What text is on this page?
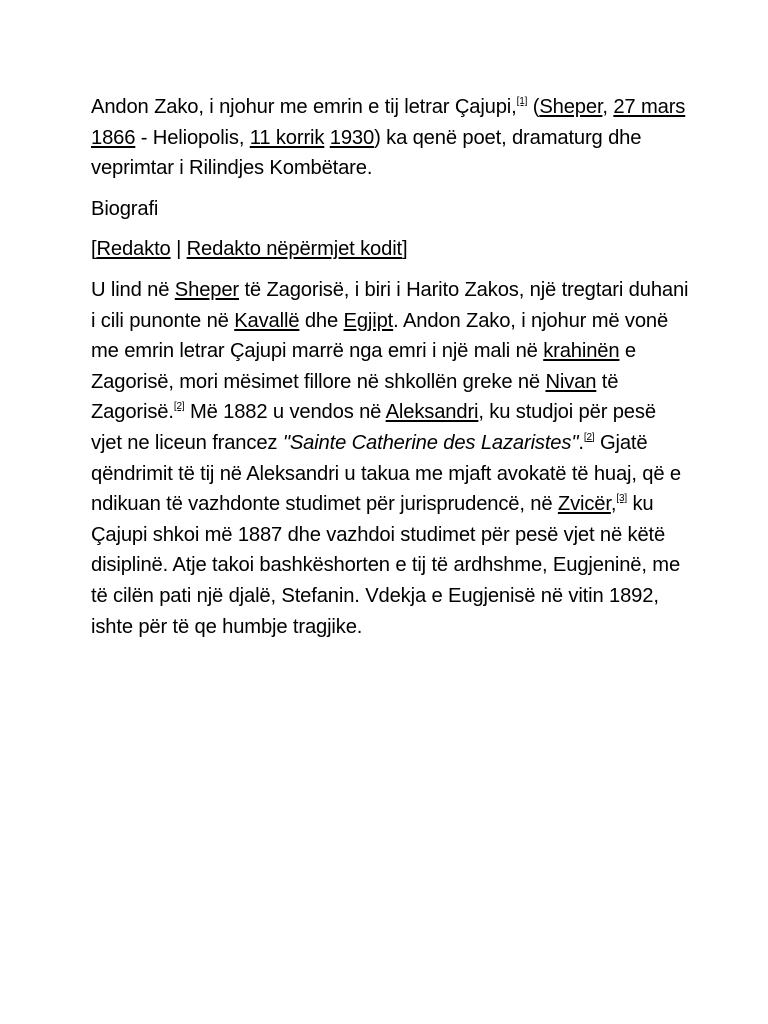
Andon Zako, i njohur me emrin e tij letrar Çajupi,[1] (Sheper, 27 mars 1866 - Heliopolis, 11 korrik 1930) ka qenë poet, dramaturg dhe veprimtar i Rilindjes Kombëtare.

Biografi

[Redakto | Redakto nëpërmjet kodit]

U lind në Sheper të Zagorisë, i biri i Harito Zakos, një tregtari duhani i cili punonte në Kavallë dhe Egjipt. Andon Zako, i njohur më vonë me emrin letrar Çajupi marrë nga emri i një mali në krahinën e Zagorisë, mori mësimet fillore në shkollën greke në Nivan të Zagorisë.[2] Më 1882 u vendos në Aleksandri, ku studjoi për pesë vjet ne liceun francez "Sainte Catherine des Lazaristes".[2] Gjatë qëndrimit të tij në Aleksandri u takua me mjaft avokatë të huaj, që e ndikuan të vazhdonte studimet për jurisprudencë, në Zvicër,[3] ku Çajupi shkoi më 1887 dhe vazhdoi studimet për pesë vjet në këtë disiplinë. Atje takoi bashkëshorten e tij të ardhshme, Eugjeninë, me të cilën pati një djalë, Stefanin. Vdekja e Eugjenisë në vitin 1892, ishte për të qe humbje tragjike.
